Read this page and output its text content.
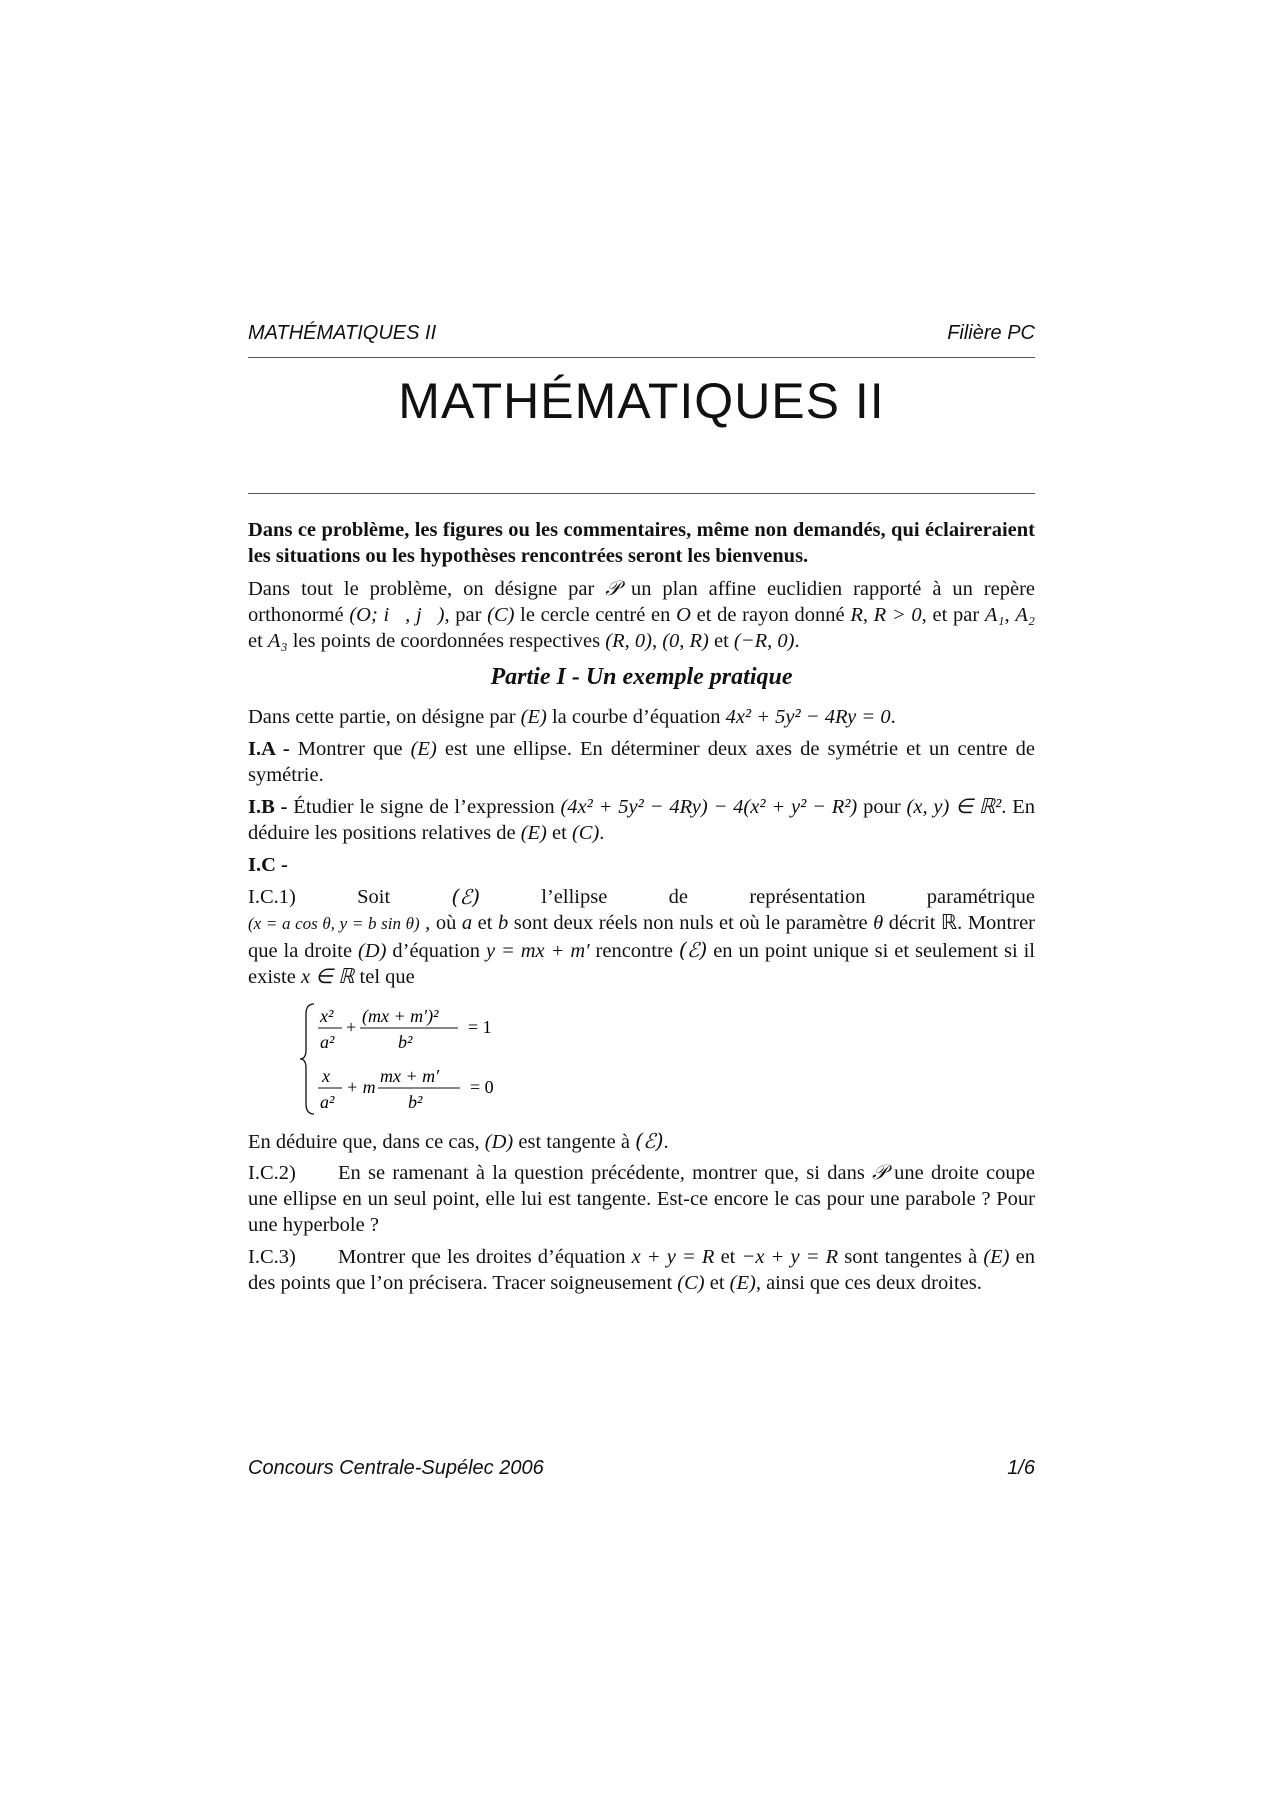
MATHÉMATIQUES II	Filière PC
MATHÉMATIQUES II

Dans ce problème, les figures ou les commentaires, même non demandés, qui éclaireraient les situations ou les hypothèses rencontrées seront les bienvenus.

Dans tout le problème, on désigne par 𝒫 un plan affine euclidien rapporté à un repère orthonormé (O; i⃗, j⃗), par (C) le cercle centré en O et de rayon donné R, R > 0, et par A₁, A₂ et A₃ les points de coordonnées respectives (R, 0), (0, R) et (−R, 0).

Partie I - Un exemple pratique

Dans cette partie, on désigne par (E) la courbe d’équation 4x² + 5y² − 4Ry = 0.

I.A - Montrer que (E) est une ellipse. En déterminer deux axes de symétrie et un centre de symétrie.

I.B - Étudier le signe de l’expression (4x² + 5y² − 4Ry) − 4(x² + y² − R²) pour (x, y) ∈ ℝ². En déduire les positions relatives de (E) et (C).

I.C -

I.C.1)	Soit	(ℰ)	l’ellipse	de	représentation	paramétrique
(x = a cos θ, y = b sin θ) , où a et b sont deux réels non nuls et où le paramètre θ décrit ℝ. Montrer que la droite (D) d’équation y = mx + m′ rencontre (ℰ) en un point unique si et seulement si il existe x ∈ ℝ tel que
x²
a²
+
(mx + m′)²
b²
= 1
x
a²
+ m
mx + m′
b²
= 0
En déduire que, dans ce cas, (D) est tangente à (ℰ).

I.C.2) En se ramenant à la question précédente, montrer que, si dans 𝒫 une droite coupe une ellipse en un seul point, elle lui est tangente. Est-ce encore le cas pour une parabole ? Pour une hyperbole ?

I.C.3) Montrer que les droites d’équation x + y = R et −x + y = R sont tangentes à (E) en des points que l’on précisera. Tracer soigneusement (C) et (E), ainsi que ces deux droites.

Concours Centrale-Supélec 2006	1/6
